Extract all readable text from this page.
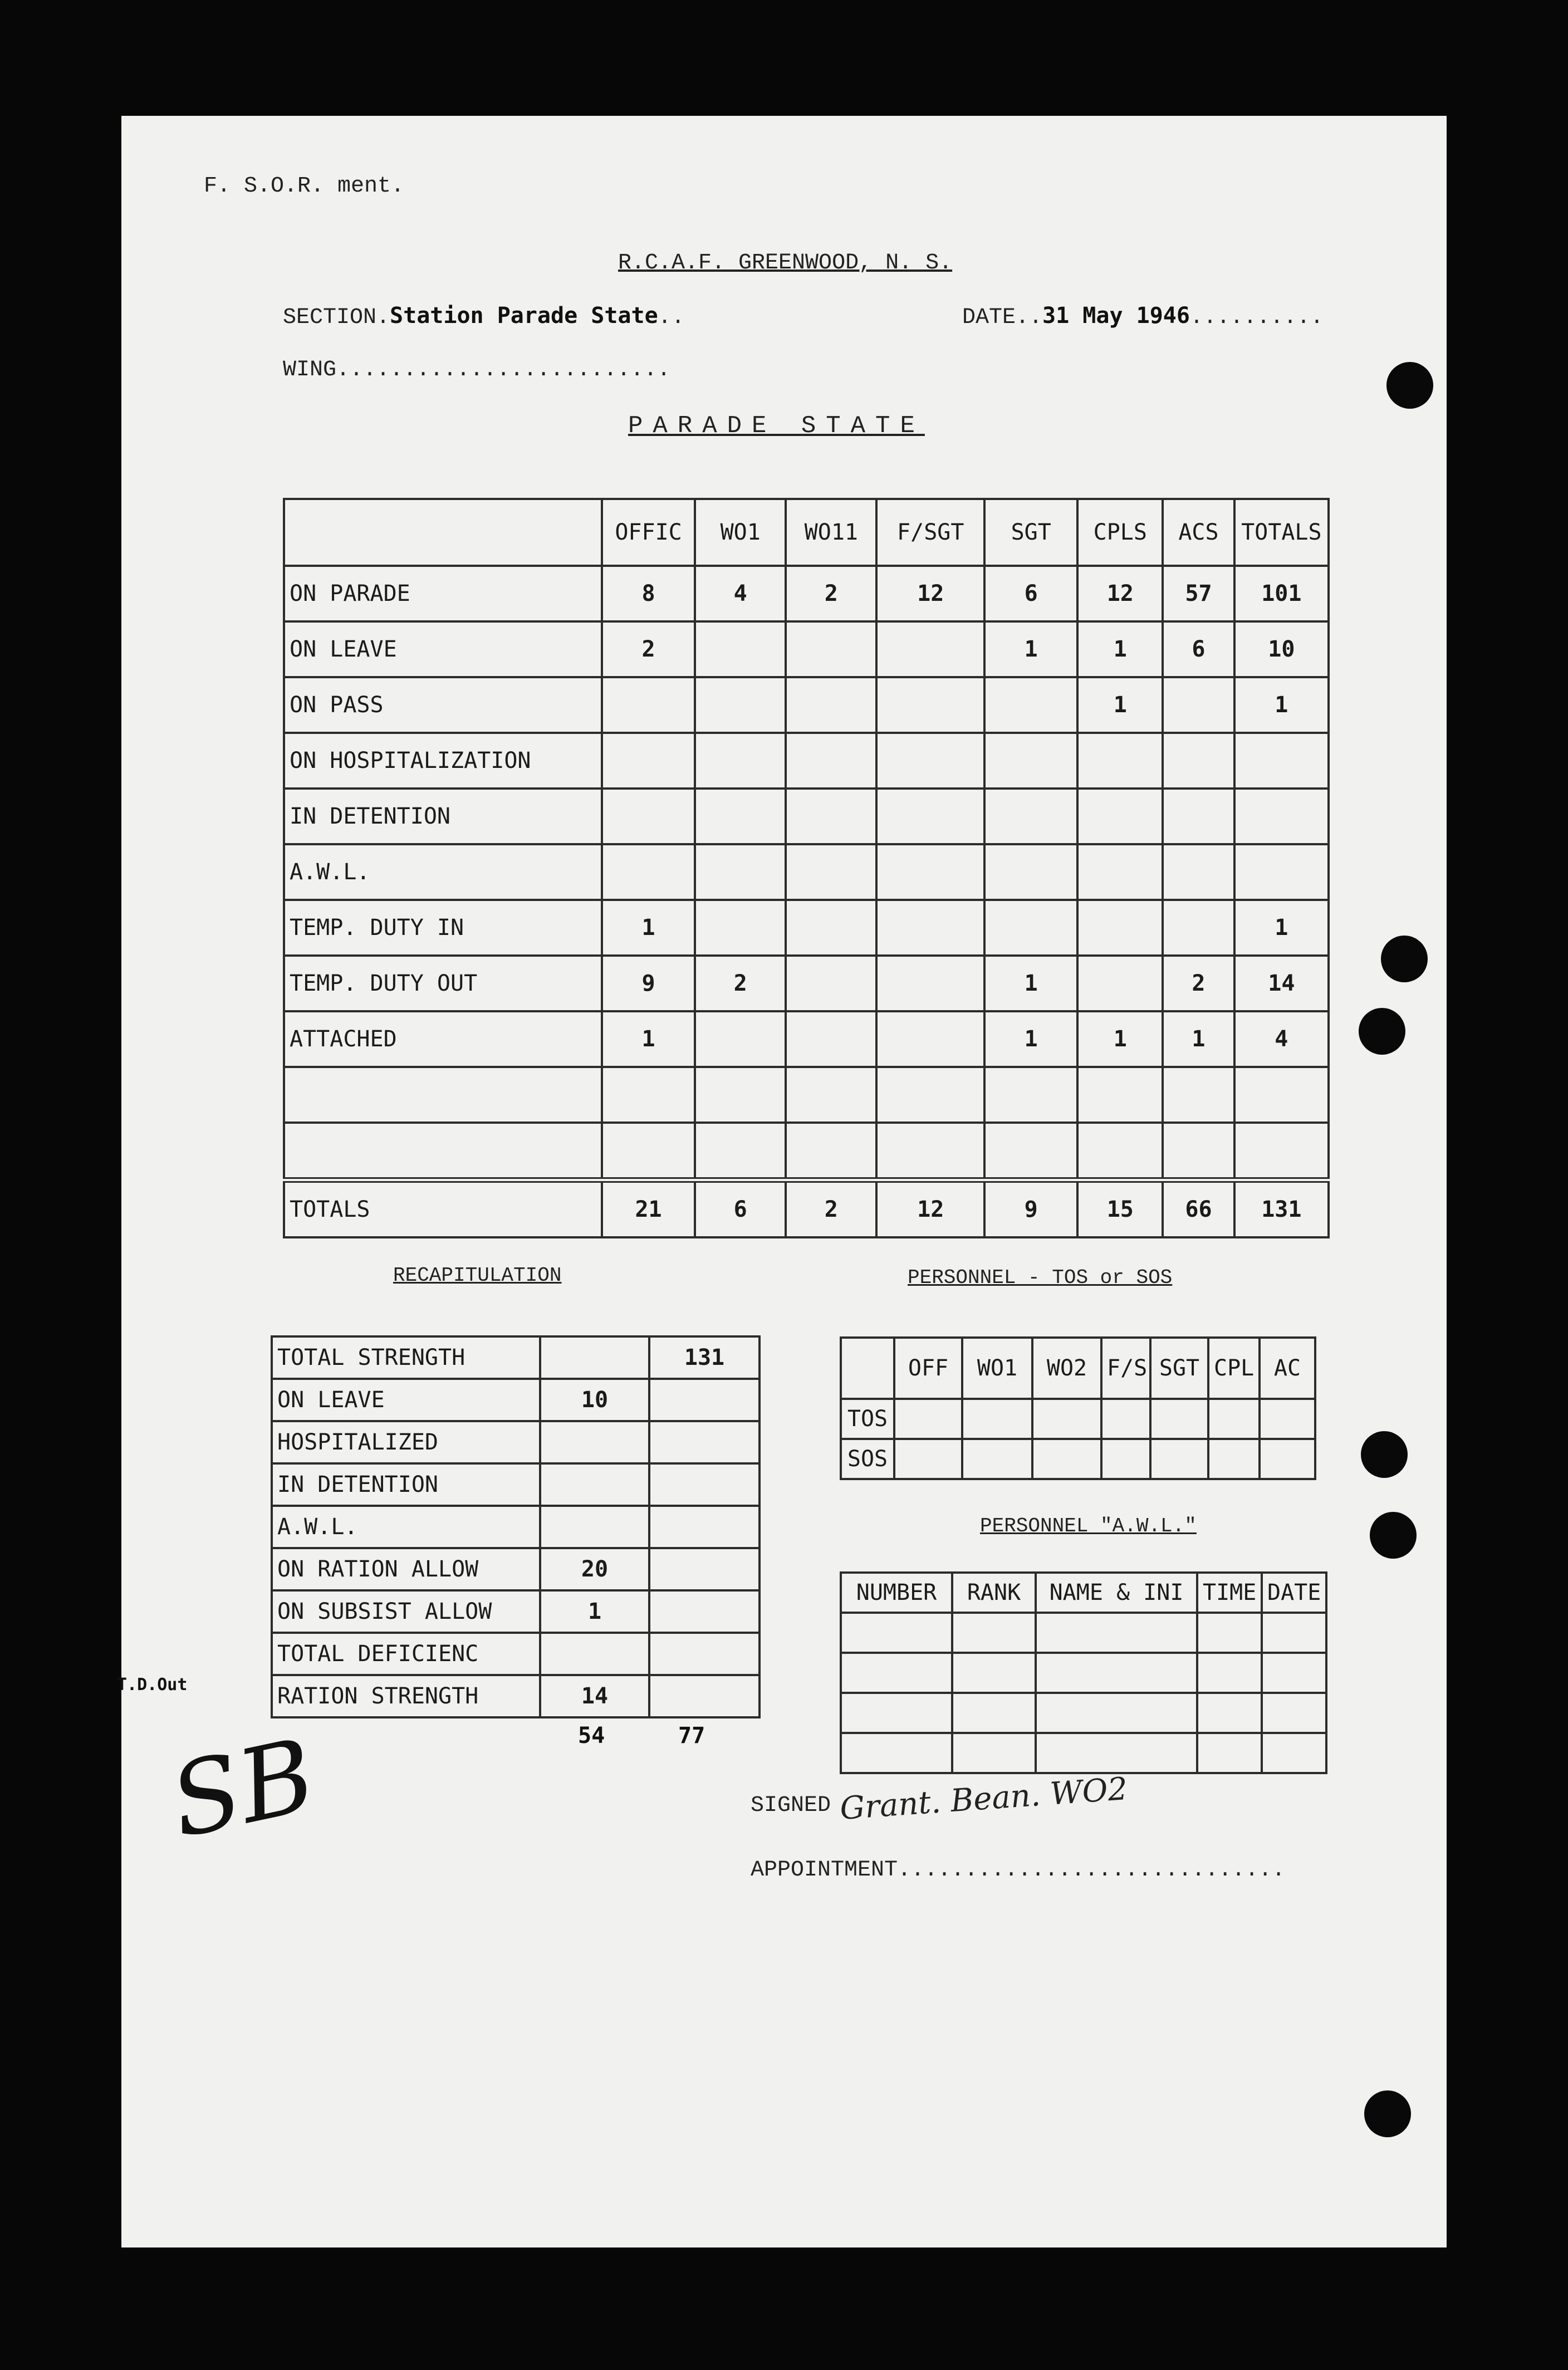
F. S.O.R. ment.
R.C.A.F. GREENWOOD, N. S.
SECTION.Station Parade State..	DATE..31 May 1946..........
WING.........................
PARADE STATE
	OFFIC	WO1	WO11	F/SGT	SGT	CPLS	ACS	TOTALS
ON PARADE	8	4	2	12	6	12	57	101
ON LEAVE	2				1	1	6	10
ON PASS						1		1
ON HOSPITALIZATION								
IN DETENTION								
A.W.L.								
TEMP. DUTY IN	1							1
TEMP. DUTY OUT	9	2			1		2	14
ATTACHED	1				1	1	1	4

TOTALS	21	6	2	12	9	15	66	131
RECAPITULATION
TOTAL STRENGTH		131
ON LEAVE	10	
HOSPITALIZED		
IN DETENTION		
A.W.L.		
ON RATION ALLOW	20	
ON SUBSIST ALLOW	1	
TOTAL DEFICIENC		
RATION STRENGTH	14	
54	77
T.D.Out
PERSONNEL - TOS or SOS
	OFF	WO1	WO2	F/S	SGT	CPL	AC
TOS							
SOS							
PERSONNEL "A.W.L."
NUMBER	RANK	NAME & INI	TIME	DATE

SIGNED Grant. Bean. WO2
APPOINTMENT.............................
SB
